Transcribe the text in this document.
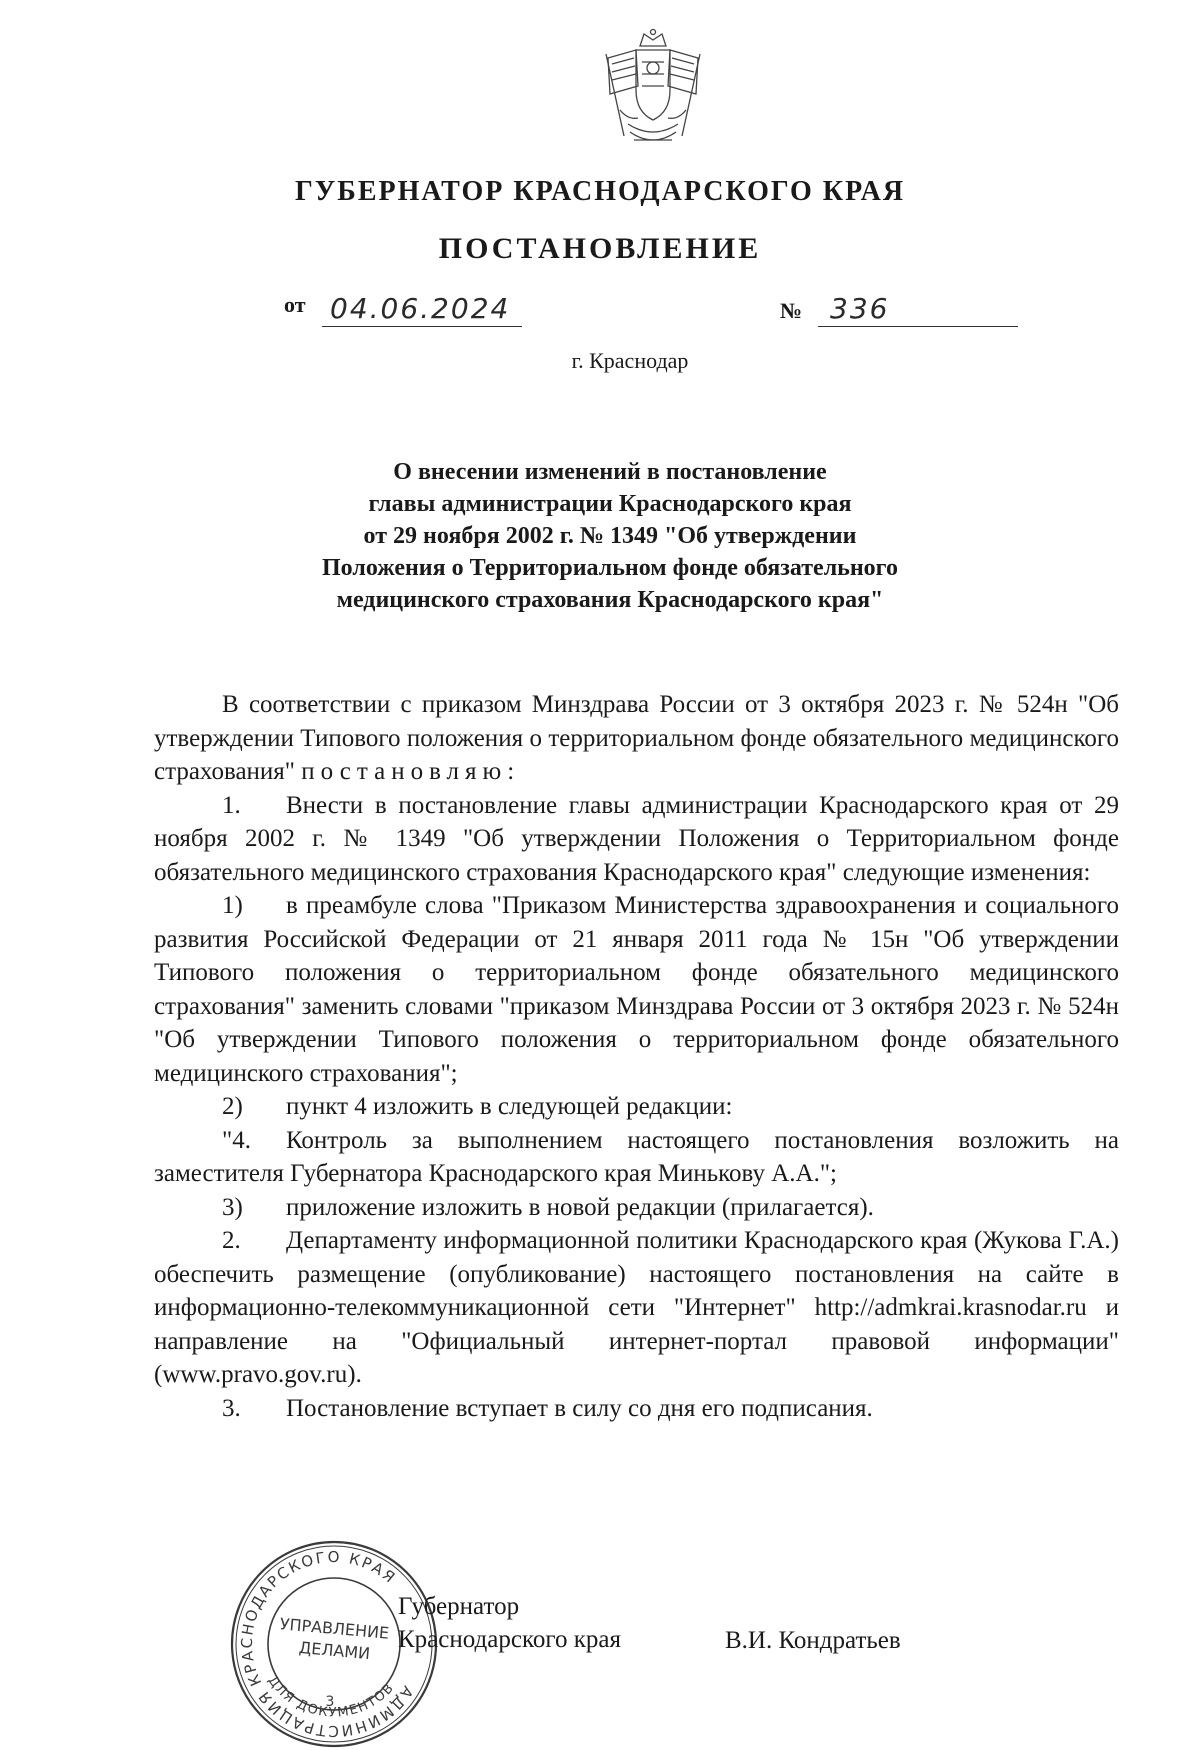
ГУБЕРНАТОР КРАСНОДАРСКОГО КРАЯ
ПОСТАНОВЛЕНИЕ
от 04.06.2024	№ 336
г. Краснодар
О внесении изменений в постановление
главы администрации Краснодарского края
от 29 ноября 2002 г. № 1349 "Об утверждении
Положения о Территориальном фонде обязательного
медицинского страхования Краснодарского края"

В соответствии с приказом Минздрава России от 3 октября 2023 г. № 524н "Об утверждении Типового положения о территориальном фонде обязательного медицинского страхования" постановляю:

1. Внести в постановление главы администрации Краснодарского края от 29 ноября 2002 г. № 1349 "Об утверждении Положения о Территориальном фонде обязательного медицинского страхования Краснодарского края" следующие изменения:

1) в преамбуле слова "Приказом Министерства здравоохранения и социального развития Российской Федерации от 21 января 2011 года № 15н "Об утверждении Типового положения о территориальном фонде обязательного медицинского страхования" заменить словами "приказом Минздрава России от 3 октября 2023 г. № 524н "Об утверждении Типового положения о территориальном фонде обязательного медицинского страхования";

2) пункт 4 изложить в следующей редакции:

"4. Контроль за выполнением настоящего постановления возложить на заместителя Губернатора Краснодарского края Минькову А.А.";

3) приложение изложить в новой редакции (прилагается).

2. Департаменту информационной политики Краснодарского края (Жукова Г.А.) обеспечить размещение (опубликование) настоящего постановления на сайте в информационно-телекоммуникационной сети "Интернет" http://admkrai.krasnodar.ru и направление на "Официальный интернет-портал правовой информации" (www.pravo.gov.ru).

3. Постановление вступает в силу со дня его подписания.

АДМИНИСТРАЦИЯ КРАСНОДАРСКОГО КРАЯ
ДЛЯ ДОКУМЕНТОВ
УПРАВЛЕНИЕ
ДЕЛАМИ
3
Губернатор
Краснодарского края	В.И. Кондратьев
